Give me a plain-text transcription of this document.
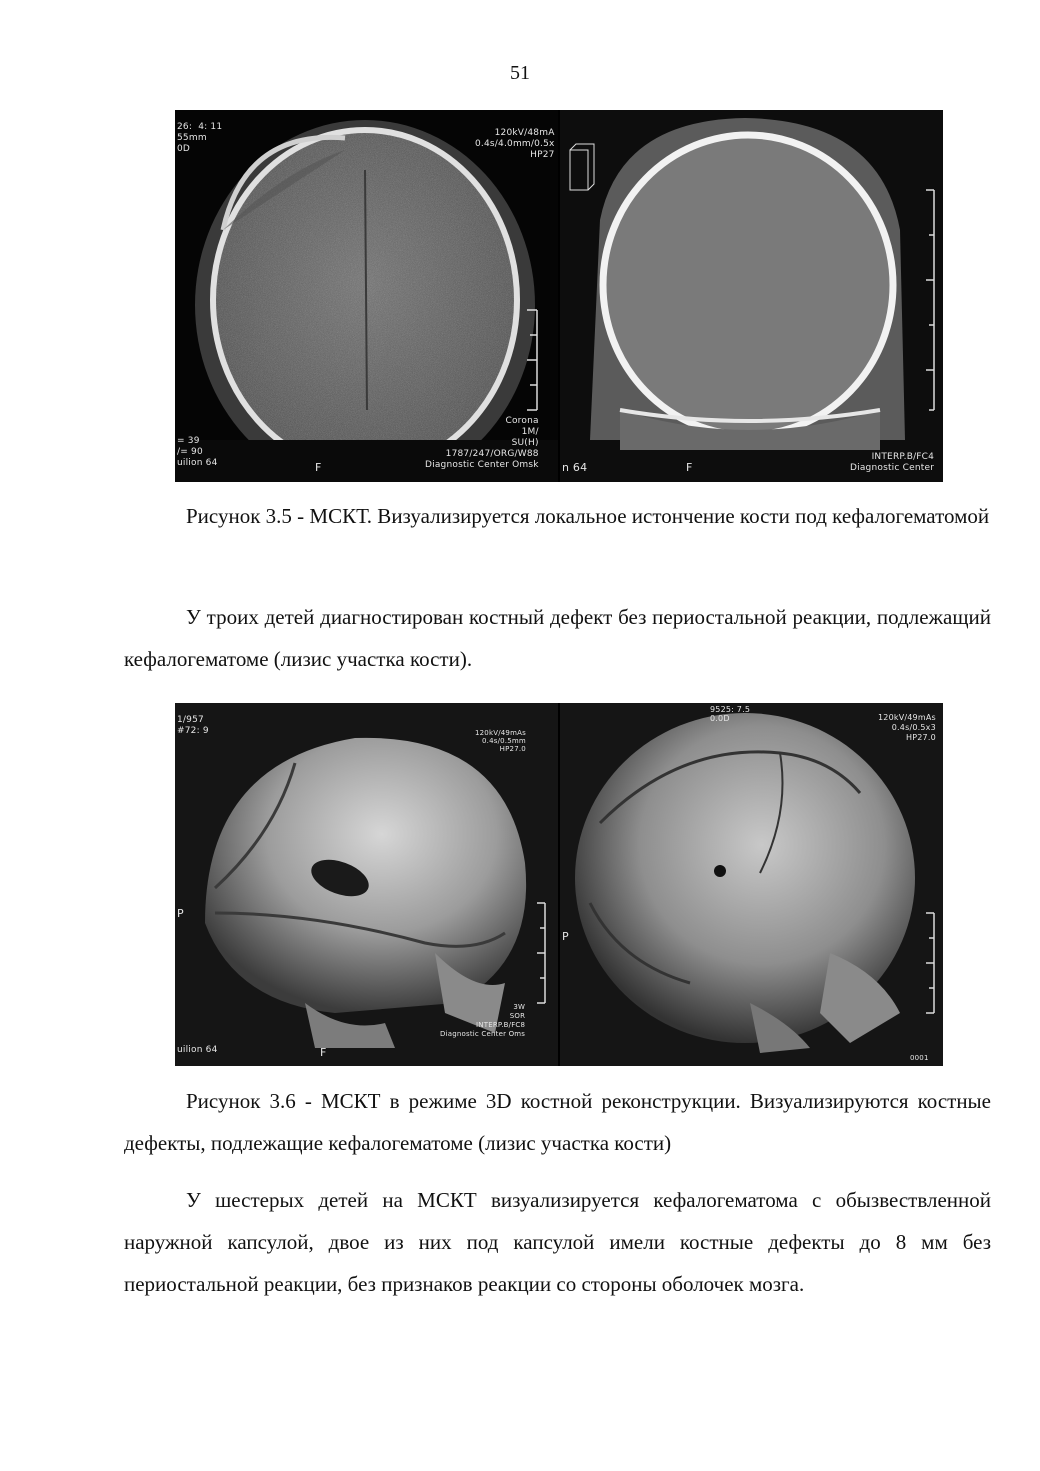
51
26:  4: 11
55mm
0D
120kV/48mA
0.4s/4.0mm/0.5x
HP27
= 39
/= 90
uilion 64
Corona
1M/
SU(H)
1787/247/ORG/W88
Diagnostic Center Omsk
F	n 64
INTERP.B/FC4
Diagnostic Center
F

Рисунок 3.5 - МСКТ. Визуализируется локальное истончение кости под кефалогематомой

У троих детей диагностирован костный дефект без периостальной реакции, подлежащий кефалогематоме (лизис участка кости).

1/957
#72: 9	120kV/49mAs
0.4s/0.5mm
HP27.0
uilion 64
3W
SOR
INTERP.B/FC8
Diagnostic Center Oms
P
F
9525: 7.5
0.0D	120kV/49mAs
0.4s/0.5x3
HP27.0
P
0001

Рисунок 3.6 - МСКТ в режиме 3D костной реконструкции. Визуализируются костные дефекты, подлежащие кефалогематоме (лизис участка кости)

У шестерых детей на МСКТ визуализируется кефалогематома с обызвествленной наружной капсулой, двое из них под капсулой имели костные дефекты до 8 мм без периостальной реакции, без признаков реакции со стороны оболочек мозга.
